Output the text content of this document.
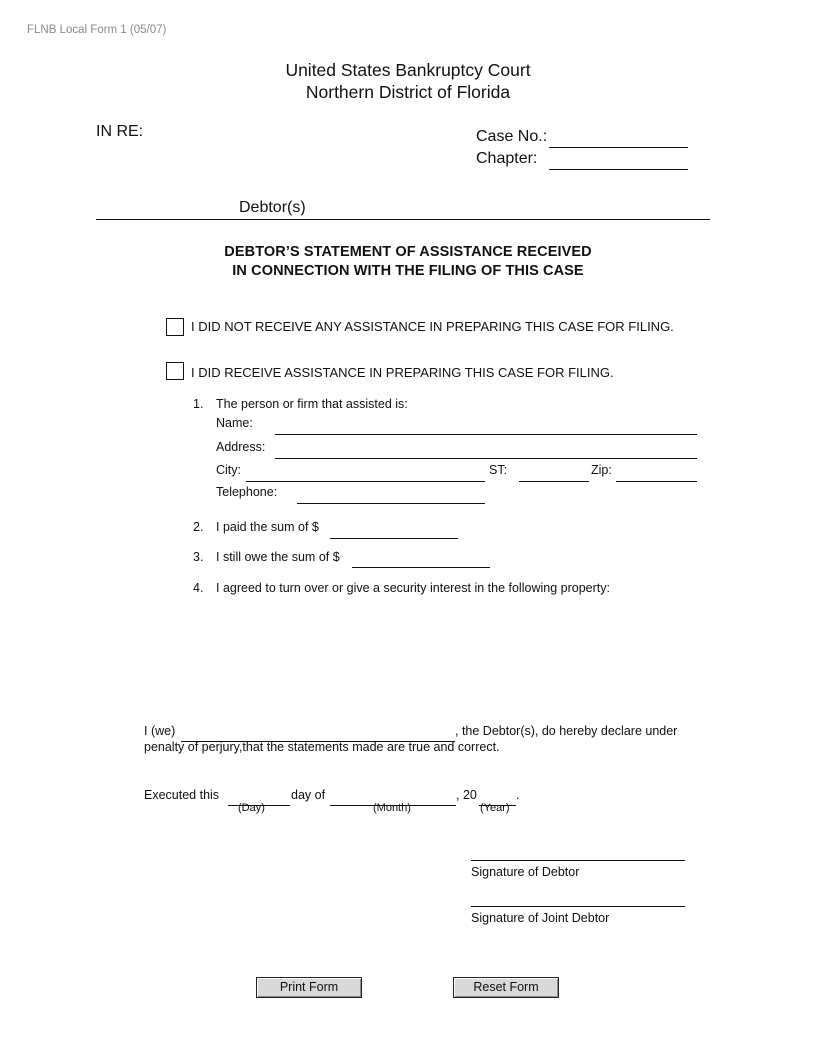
FLNB Local Form 1 (05/07)
United States Bankruptcy Court
Northern District of Florida
IN RE:	Case No.:
Chapter:
Debtor(s)
DEBTOR’S STATEMENT OF ASSISTANCE RECEIVED
IN CONNECTION WITH THE FILING OF THIS CASE
I DID NOT RECEIVE ANY ASSISTANCE IN PREPARING THIS CASE FOR FILING.
I DID RECEIVE ASSISTANCE IN PREPARING THIS CASE FOR FILING.
1. The person or firm that assisted is:
Name:
Address:
City:	ST:	Zip:
Telephone:
2. I paid the sum of $
3. I still owe the sum of $
4. I agreed to turn over or give a security interest in the following property:
I (we)	, the Debtor(s), do hereby declare under
penalty of perjury,that the statements made are true and correct.
Executed this	day of	, 20	.
(Day)	(Month)	(Year)
Signature of Debtor
Signature of Joint Debtor
Print Form	Reset Form
